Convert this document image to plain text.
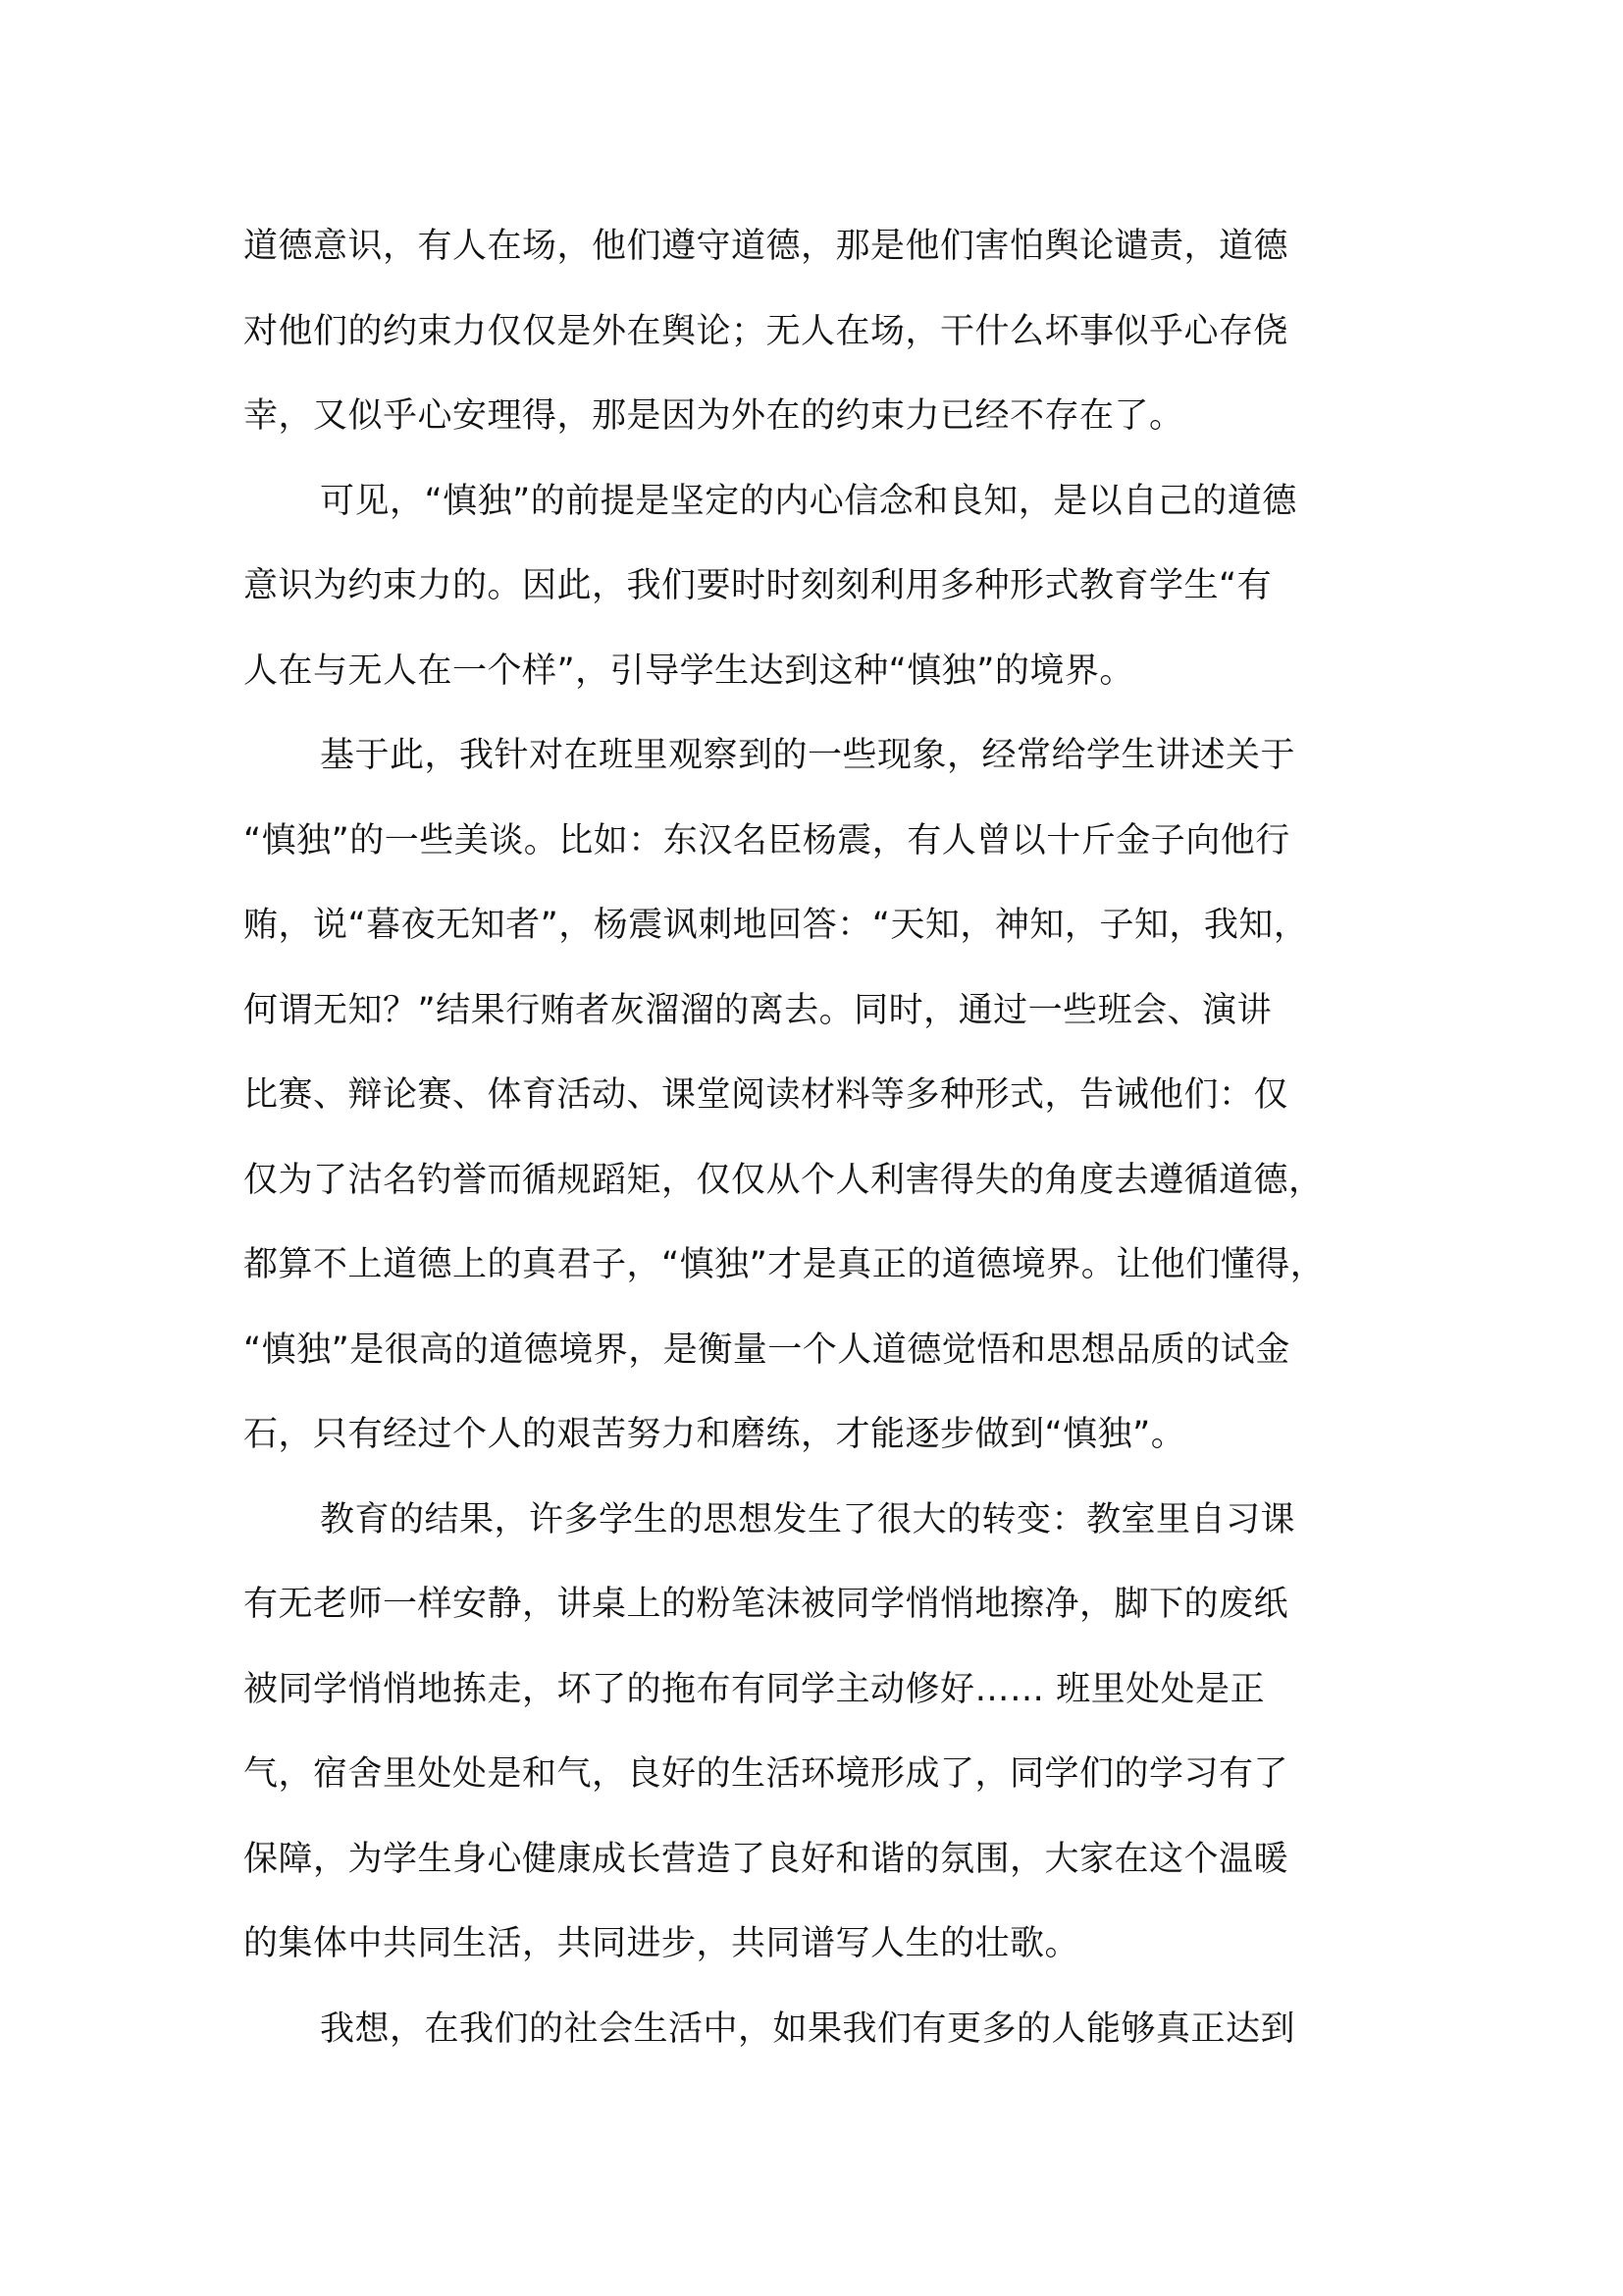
道德意识，有人在场，他们遵守道德，那是他们害怕舆论谴责，道德
对他们的约束力仅仅是外在舆论；无人在场，干什么坏事似乎心存侥
幸，又似乎心安理得，那是因为外在的约束力已经不存在了。
可见，“慎独”的前提是坚定的内心信念和良知，是以自己的道德
意识为约束力的。因此，我们要时时刻刻利用多种形式教育学生“有
人在与无人在一个样”，引导学生达到这种“慎独”的境界。
基于此，我针对在班里观察到的一些现象，经常给学生讲述关于
“慎独”的一些美谈。比如：东汉名臣杨震，有人曾以十斤金子向他行
贿，说“暮夜无知者”，杨震讽刺地回答：“天知，神知，子知，我知，
何谓无知？”结果行贿者灰溜溜的离去。同时，通过一些班会、演讲
比赛、辩论赛、体育活动、课堂阅读材料等多种形式，告诫他们：仅
仅为了沽名钓誉而循规蹈矩，仅仅从个人利害得失的角度去遵循道德，
都算不上道德上的真君子，“慎独”才是真正的道德境界。让他们懂得，
“慎独”是很高的道德境界，是衡量一个人道德觉悟和思想品质的试金
石，只有经过个人的艰苦努力和磨练，才能逐步做到“慎独”。
教育的结果，许多学生的思想发生了很大的转变：教室里自习课
有无老师一样安静，讲桌上的粉笔沫被同学悄悄地擦净，脚下的废纸
被同学悄悄地拣走，坏了的拖布有同学主动修好…… 班里处处是正
气，宿舍里处处是和气，良好的生活环境形成了，同学们的学习有了
保障，为学生身心健康成长营造了良好和谐的氛围，大家在这个温暖
的集体中共同生活，共同进步，共同谱写人生的壮歌。
我想，在我们的社会生活中，如果我们有更多的人能够真正达到
